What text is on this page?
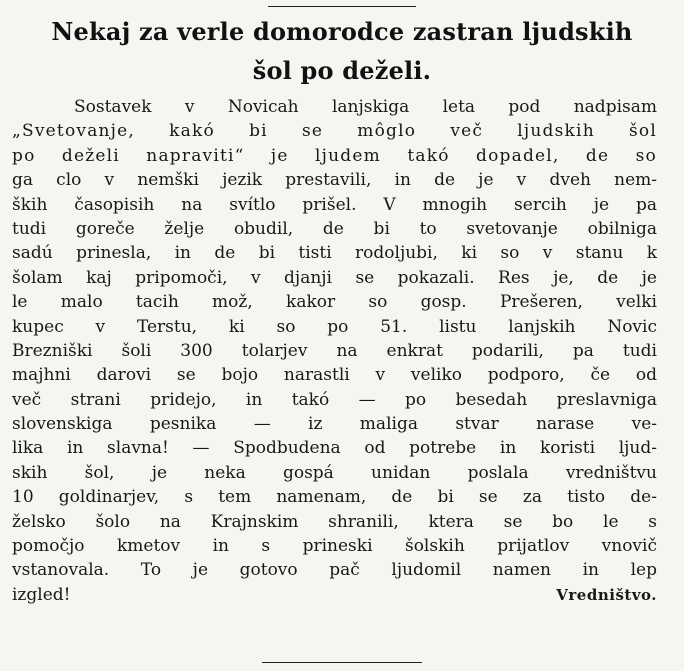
Nekaj za verle domorodce zastran ljudskih
šol po deželi.
Sostavek v Novicah lanjskiga leta pod nadpisam
„Svetovanje, kakó bi se môglo več ljudskih šol
po deželi napraviti“ je ljudem takó dopadel, de so
ga clo v nemški jezik prestavili, in de je v dveh nem-
ških časopisih na svítlo prišel. V mnogih sercih je pa
tudi goreče želje obudil, de bi to svetovanje obilniga
sadú prinesla, in de bi tisti rodoljubi, ki so v stanu k
šolam kaj pripomoči, v djanji se pokazali. Res je, de je
le malo tacih mož, kakor so gosp. Prešeren, velki
kupec v Terstu, ki so po 51. listu lanjskih Novic
Brezniški šoli 300 tolarjev na enkrat podarili, pa tudi
majhni darovi se bojo narastli v veliko podporo, če od
več strani pridejo, in takó — po besedah preslavniga
slovenskiga pesnika — iz maliga stvar narase ve-
lika in slavna! — Spodbudena od potrebe in koristi ljud-
skih šol, je neka gospá unidan poslala vredništvu
10 goldinarjev, s tem namenam, de bi se za tisto de-
želsko šolo na Krajnskim shranili, ktera se bo le s
pomočjo kmetov in s prineski šolskih prijatlov vnovič
vstanovala. To je gotovo pač ljudomil namen in lep
izgled!	Vredništvo.
